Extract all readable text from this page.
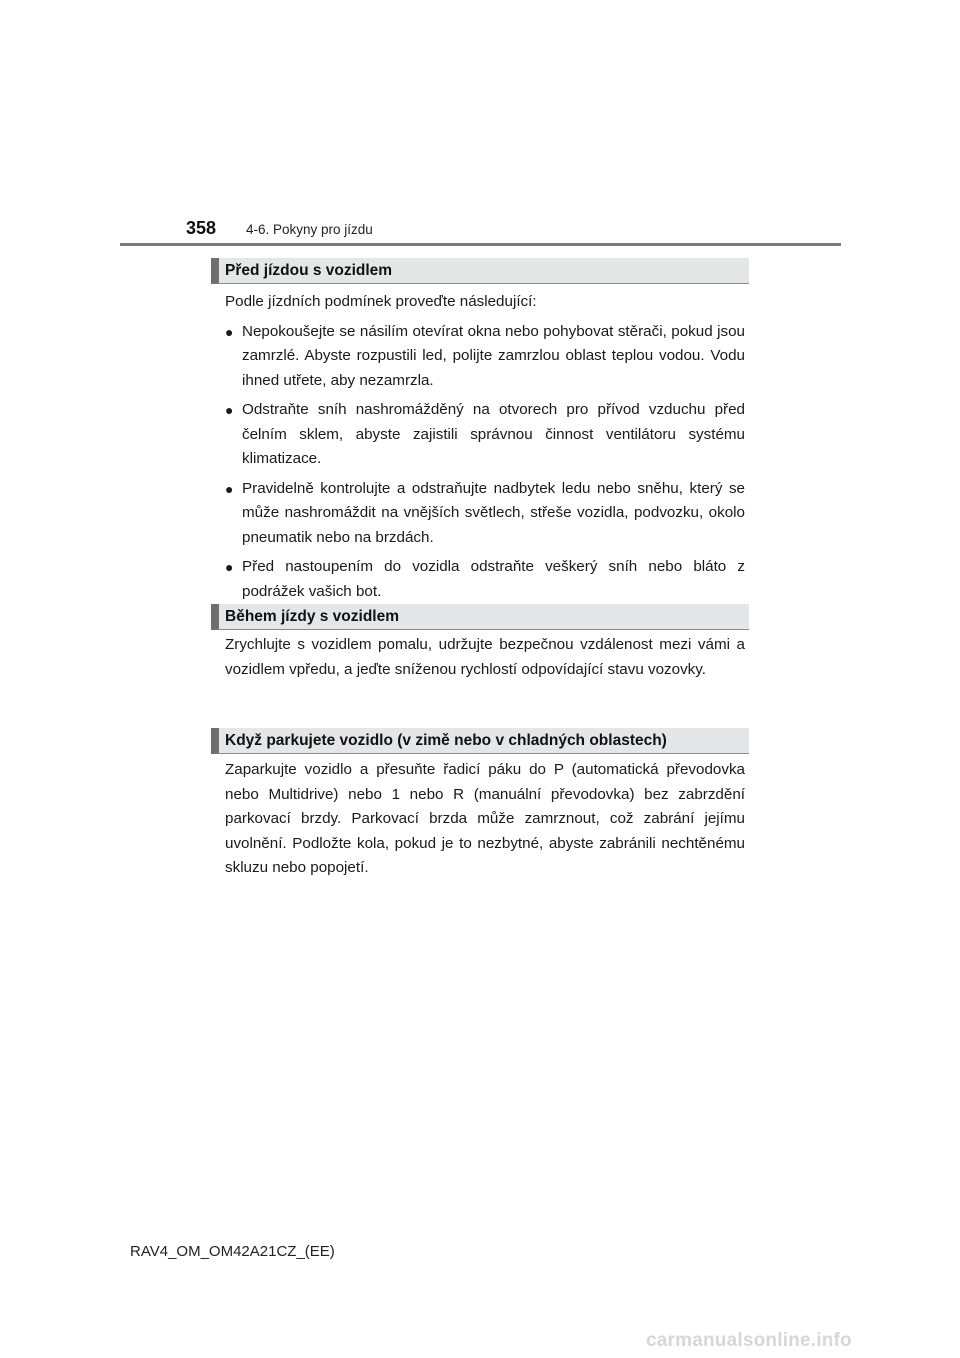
358 4-6. Pokyny pro jízdu
Před jízdou s vozidlem

Podle jízdních podmínek proveďte následující:

● Nepokoušejte se násilím otevírat okna nebo pohybovat stěrači, pokud jsou zamrzlé. Abyste rozpustili led, polijte zamrzlou oblast teplou vodou. Vodu ihned utřete, aby nezamrzla.
● Odstraňte sníh nashromážděný na otvorech pro přívod vzduchu před čelním sklem, abyste zajistili správnou činnost ventilátoru systému klimatizace.
● Pravidelně kontrolujte a odstraňujte nadbytek ledu nebo sněhu, který se může nashromáždit na vnějších světlech, střeše vozidla, podvozku, okolo pneumatik nebo na brzdách.
● Před nastoupením do vozidla odstraňte veškerý sníh nebo bláto z podrážek vašich bot.
Během jízdy s vozidlem

Zrychlujte s vozidlem pomalu, udržujte bezpečnou vzdálenost mezi vámi a vozidlem vpředu, a jeďte sníženou rychlostí odpovídající stavu vozovky.

Když parkujete vozidlo (v zimě nebo v chladných oblastech)

Zaparkujte vozidlo a přesuňte řadicí páku do P (automatická převodovka nebo Multidrive) nebo 1 nebo R (manuální převodovka) bez zabrzdění parkovací brzdy. Parkovací brzda může zamrznout, což zabrání jejímu uvolnění. Podložte kola, pokud je to nezbytné, abyste zabránili nechtěnému skluzu nebo popojetí.

RAV4_OM_OM42A21CZ_(EE)
carmanualsonline.info
